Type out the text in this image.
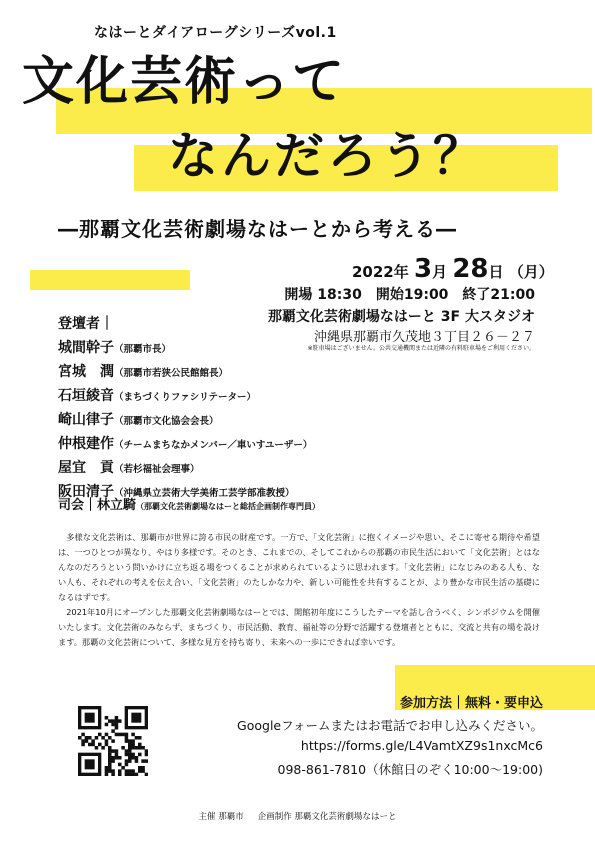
なはーとダイアローグシリーズvol.1
文化芸術って
なんだろう？
―那覇文化芸術劇場なはーとから考える―
2022年 3月 28日 （月）
開場 18:30　開始19:00　終了21:00
那覇文化芸術劇場なはーと 3F 大スタジオ
沖縄県那覇市久茂地３丁目２６－２７
※駐車場はございません。公共交通機関または近隣の有料駐車場をご利用ください。
登壇者｜
城間幹子（那覇市長）
宮城　潤（那覇市若狭公民館館長）
石垣綾音（まちづくりファシリテーター）
崎山律子（那覇市文化協会会長）
仲根建作（チームまちなかメンバー／車いすユーザー）
屋宜　貢（若杉福祉会理事）
阪田清子（沖縄県立芸術大学美術工芸学部准教授）
司会｜林立騎（那覇文化芸術劇場なはーと総括企画制作専門員）

多様な文化芸術は、那覇市が世界に誇る市民の財産です。一方で、「文化芸術」に抱くイメージや思い、そこに寄せる期待や希望は、一つひとつが異なり、やはり多様です。そのとき、これまでの、そしてこれからの那覇の市民生活において「文化芸術」とはなんなのだろうという問いかけに立ち返る場をつくることが求められているように思われます。「文化芸術」になじみのある人も、ない人も、それぞれの考えを伝え合い、「文化芸術」のたしかな力や、新しい可能性を共有することが、より豊かな市民生活の基礎になるはずです。

2021年10月にオープンした那覇文化芸術劇場なはーとでは、開館初年度にこうしたテーマを話し合うべく、シンポジウムを開催いたします。文化芸術のみならず、まちづくり、市民活動、教育、福祉等の分野で活躍する登壇者とともに、交流と共有の場を設けます。那覇の文化芸術について、多様な見方を持ち寄り、未来への一歩にできれば幸いです。

参加方法｜無料・要申込
Googleフォームまたはお電話でお申し込みください。
https://forms.gle/L4VamtXZ9s1nxcMc6
098-861-7810（休館日のぞく10:00～19:00)
主催 那覇市 企画制作 那覇文化芸術劇場なはーと
